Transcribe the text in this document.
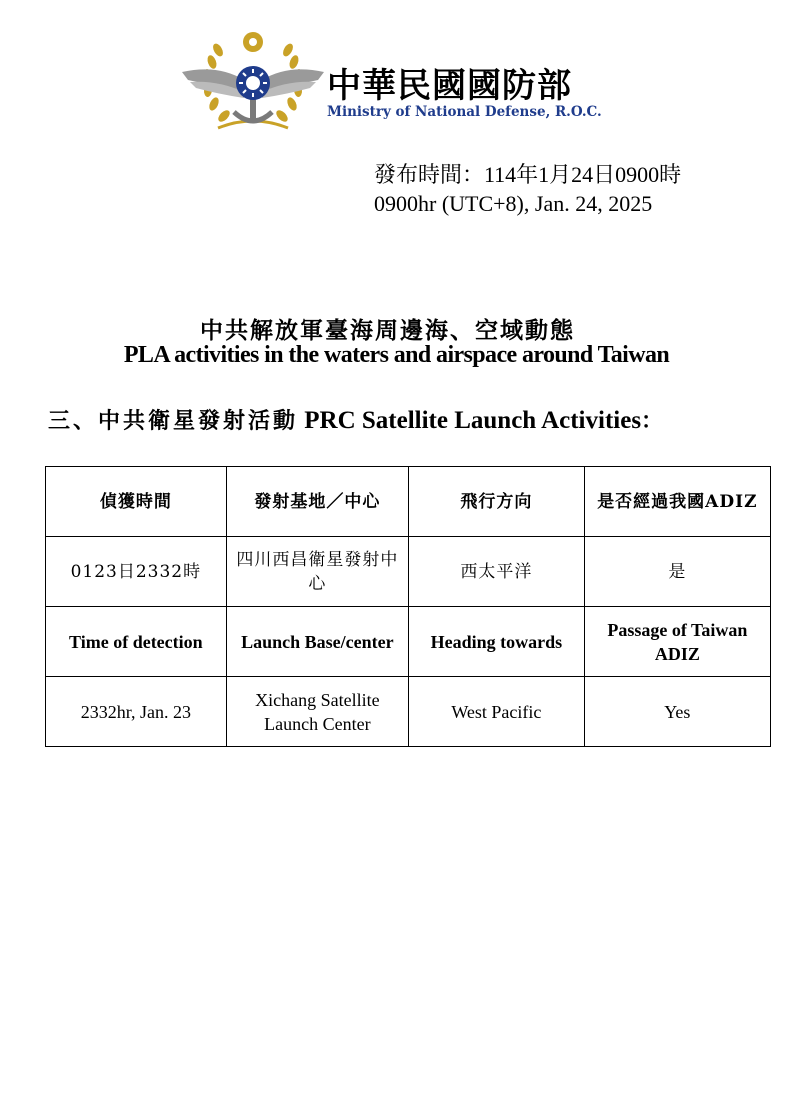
中華民國國防部
Ministry of National Defense, R.O.C.
發布時間：114年1月24日0900時
0900hr (UTC+8), Jan. 24, 2025
中共解放軍臺海周邊海、空域動態
PLA activities in the waters and airspace around Taiwan
三、中共衛星發射活動 PRC Satellite Launch Activities：
偵獲時間	發射基地／中心	飛行方向	是否經過我國ADIZ
0123日2332時	四川西昌衛星發射中心	西太平洋	是
Time of detection	Launch Base/center	Heading towards	Passage of Taiwan ADIZ
2332hr, Jan. 23	Xichang Satellite Launch Center	West Pacific	Yes
